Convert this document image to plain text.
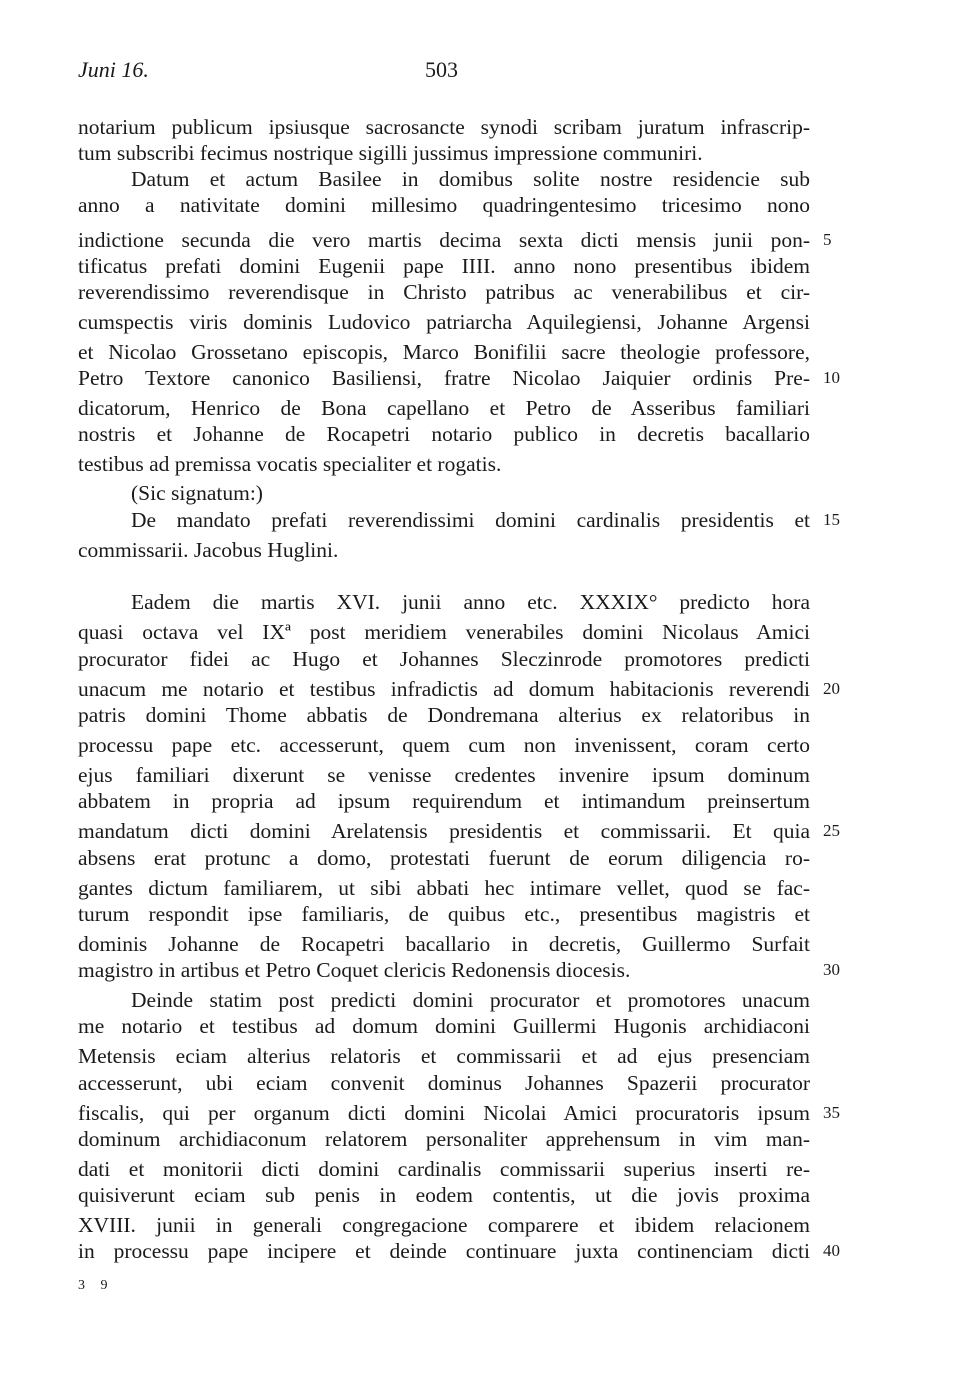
Juni 16.	503
notarium publicum ipsiusque sacrosancte synodi scribam juratum infrascrip-
tum subscribi fecimus nostrique sigilli jussimus impressione communiri.
Datum et actum Basilee in domibus solite nostre residencie sub
anno a nativitate domini millesimo quadringentesimo tricesimo nono
indictione secunda die vero martis decima sexta dicti mensis junii pon-
tificatus prefati domini Eugenii pape IIII. anno nono presentibus ibidem
reverendissimo reverendisque in Christo patribus ac venerabilibus et cir-
cumspectis viris dominis Ludovico patriarcha Aquilegiensi, Johanne Argensi
et Nicolao Grossetano episcopis, Marco Bonifilii sacre theologie professore,
Petro Textore canonico Basiliensi, fratre Nicolao Jaiquier ordinis Pre-
dicatorum, Henrico de Bona capellano et Petro de Asseribus familiari
nostris et Johanne de Rocapetri notario publico in decretis bacallario
testibus ad premissa vocatis specialiter et rogatis.
(Sic signatum:)
De mandato prefati reverendissimi domini cardinalis presidentis et
commissarii. Jacobus Huglini.
Eadem die martis XVI. junii anno etc. XXXIX° predicto hora
quasi octava vel IXª post meridiem venerabiles domini Nicolaus Amici
procurator fidei ac Hugo et Johannes Sleczinrode promotores predicti
unacum me notario et testibus infradictis ad domum habitacionis reverendi
patris domini Thome abbatis de Dondremana alterius ex relatoribus in
processu pape etc. accesserunt, quem cum non invenissent, coram certo
ejus familiari dixerunt se venisse credentes invenire ipsum dominum
abbatem in propria ad ipsum requirendum et intimandum preinsertum
mandatum dicti domini Arelatensis presidentis et commissarii. Et quia
absens erat protunc a domo, protestati fuerunt de eorum diligencia ro-
gantes dictum familiarem, ut sibi abbati hec intimare vellet, quod se fac-
turum respondit ipse familiaris, de quibus etc., presentibus magistris et
dominis Johanne de Rocapetri bacallario in decretis, Guillermo Surfait
magistro in artibus et Petro Coquet clericis Redonensis diocesis.
Deinde statim post predicti domini procurator et promotores unacum
me notario et testibus ad domum domini Guillermi Hugonis archidiaconi
Metensis eciam alterius relatoris et commissarii et ad ejus presenciam
accesserunt, ubi eciam convenit dominus Johannes Spazerii procurator
fiscalis, qui per organum dicti domini Nicolai Amici procuratoris ipsum
dominum archidiaconum relatorem personaliter apprehensum in vim man-
dati et monitorii dicti domini cardinalis commissarii superius inserti re-
quisiverunt eciam sub penis in eodem contentis, ut die jovis proxima
XVIII. junii in generali congregacione comparere et ibidem relacionem
in processu pape incipere et deinde continuare juxta continenciam dicti
5
10
15
20
25
30
35
40
3 9
